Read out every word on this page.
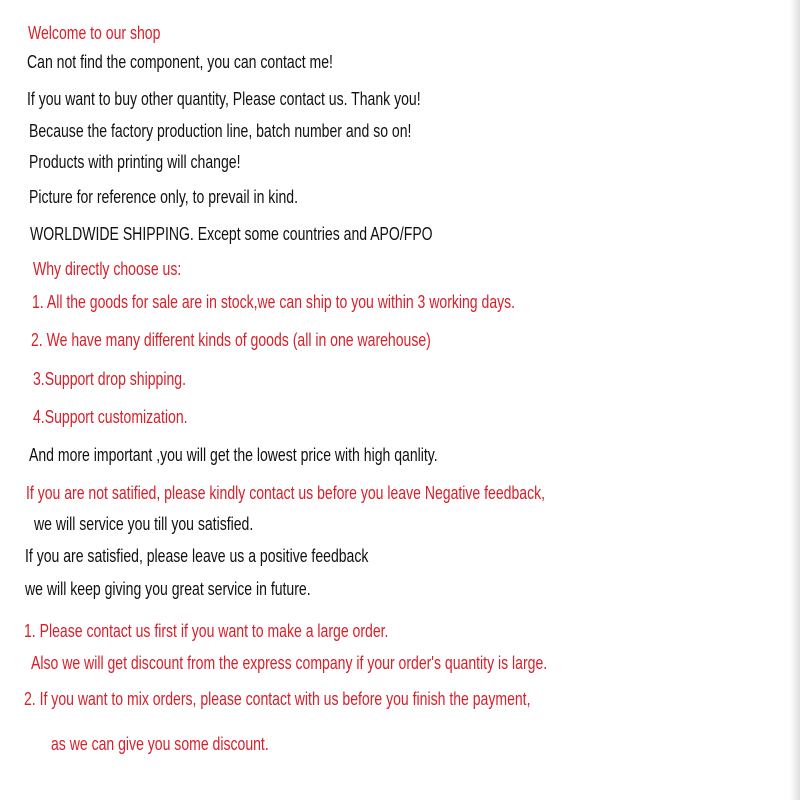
Welcome to our shop
Can not find the component, you can contact me!
If you want to buy other quantity, Please contact us. Thank you!
Because the factory production line, batch number and so on!
Products with printing will change!
Picture for reference only, to prevail in kind.
WORLDWIDE SHIPPING. Except some countries and APO/FPO
Why directly choose us:
1. All the goods for sale are in stock,we can ship to you within 3 working days.
2. We have many different kinds of goods (all in one warehouse)
3.Support drop shipping.
4.Support customization.
And more important ,you will get the lowest price with high qanlity.
If you are not satified, please kindly contact us before you leave Negative feedback,
we will service you till you satisfied.
If you are satisfied, please leave us a positive feedback
we will keep giving you great service in future.
1. Please contact us first if you want to make a large order.
Also we will get discount from the express company if your order's quantity is large.
2. If you want to mix orders, please contact with us before you finish the payment,
as we can give you some discount.
